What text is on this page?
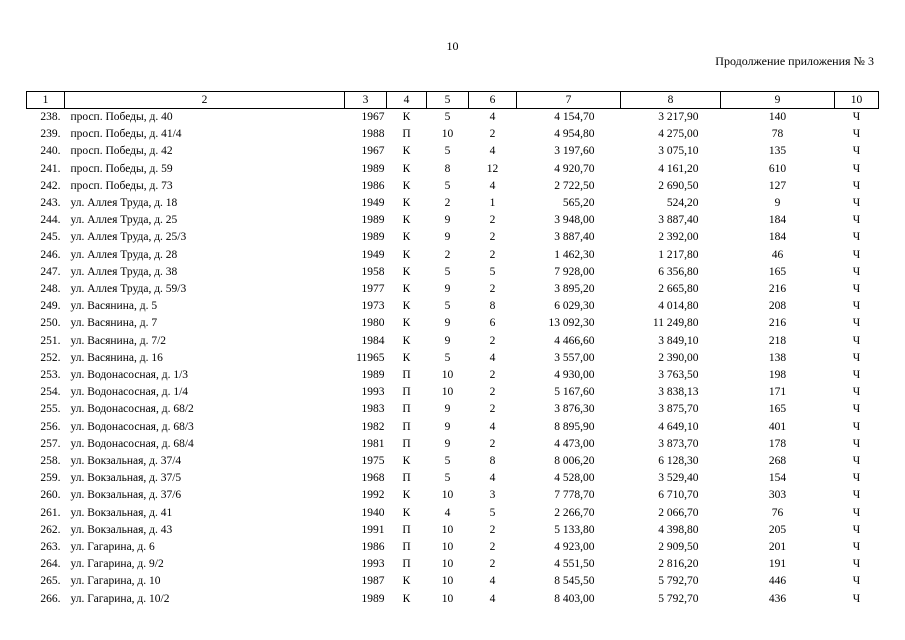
10
Продолжение приложения № 3
1	2	3	4	5	6	7	8	9	10
238.	просп. Победы, д. 40	1967	К	5	4	4 154,70	3 217,90	140	Ч
239.	просп. Победы, д. 41/4	1988	П	10	2	4 954,80	4 275,00	78	Ч
240.	просп. Победы, д. 42	1967	К	5	4	3 197,60	3 075,10	135	Ч
241.	просп. Победы, д. 59	1989	К	8	12	4 920,70	4 161,20	610	Ч
242.	просп. Победы, д. 73	1986	К	5	4	2 722,50	2 690,50	127	Ч
243.	ул. Аллея Труда, д. 18	1949	К	2	1	565,20	524,20	9	Ч
244.	ул. Аллея Труда, д. 25	1989	К	9	2	3 948,00	3 887,40	184	Ч
245.	ул. Аллея Труда, д. 25/3	1989	К	9	2	3 887,40	2 392,00	184	Ч
246.	ул. Аллея Труда, д. 28	1949	К	2	2	1 462,30	1 217,80	46	Ч
247.	ул. Аллея Труда, д. 38	1958	К	5	5	7 928,00	6 356,80	165	Ч
248.	ул. Аллея Труда, д. 59/3	1977	К	9	2	3 895,20	2 665,80	216	Ч
249.	ул. Васянина, д. 5	1973	К	5	8	6 029,30	4 014,80	208	Ч
250.	ул. Васянина, д. 7	1980	К	9	6	13 092,30	11 249,80	216	Ч
251.	ул. Васянина, д. 7/2	1984	К	9	2	4 466,60	3 849,10	218	Ч
252.	ул. Васянина, д. 16	11965	К	5	4	3 557,00	2 390,00	138	Ч
253.	ул. Водонасосная, д. 1/3	1989	П	10	2	4 930,00	3 763,50	198	Ч
254.	ул. Водонасосная, д. 1/4	1993	П	10	2	5 167,60	3 838,13	171	Ч
255.	ул. Водонасосная, д. 68/2	1983	П	9	2	3 876,30	3 875,70	165	Ч
256.	ул. Водонасосная, д. 68/3	1982	П	9	4	8 895,90	4 649,10	401	Ч
257.	ул. Водонасосная, д. 68/4	1981	П	9	2	4 473,00	3 873,70	178	Ч
258.	ул. Вокзальная, д. 37/4	1975	К	5	8	8 006,20	6 128,30	268	Ч
259.	ул. Вокзальная, д. 37/5	1968	П	5	4	4 528,00	3 529,40	154	Ч
260.	ул. Вокзальная, д. 37/6	1992	К	10	3	7 778,70	6 710,70	303	Ч
261.	ул. Вокзальная, д. 41	1940	К	4	5	2 266,70	2 066,70	76	Ч
262.	ул. Вокзальная, д. 43	1991	П	10	2	5 133,80	4 398,80	205	Ч
263.	ул. Гагарина, д. 6	1986	П	10	2	4 923,00	2 909,50	201	Ч
264.	ул. Гагарина, д. 9/2	1993	П	10	2	4 551,50	2 816,20	191	Ч
265.	ул. Гагарина, д. 10	1987	К	10	4	8 545,50	5 792,70	446	Ч
266.	ул. Гагарина, д. 10/2	1989	К	10	4	8 403,00	5 792,70	436	Ч
